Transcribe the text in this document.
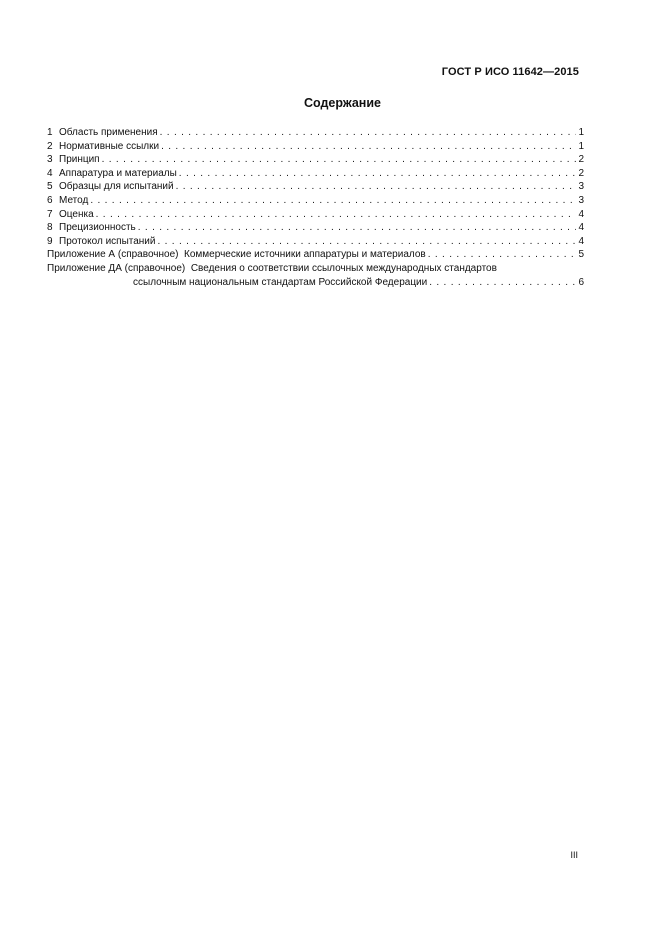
ГОСТ Р ИСО 11642—2015
Содержание
1 Область применения . . .	1
2 Нормативные ссылки . . .	1
3 Принцип . . .	2
4 Аппаратура и материалы . . .	2
5 Образцы для испытаний . . .	3
6 Метод . . .	3
7 Оценка . . .	4
8 Прецизионность . . .	4
9 Протокол испытаний . . .	4
Приложение А (справочное) Коммерческие источники аппаратуры и материалов . . .	5
Приложение ДА (справочное) Сведения о соответствии ссылочных международных стандартов
ссылочным национальным стандартам Российской Федерации . . .	6
III
